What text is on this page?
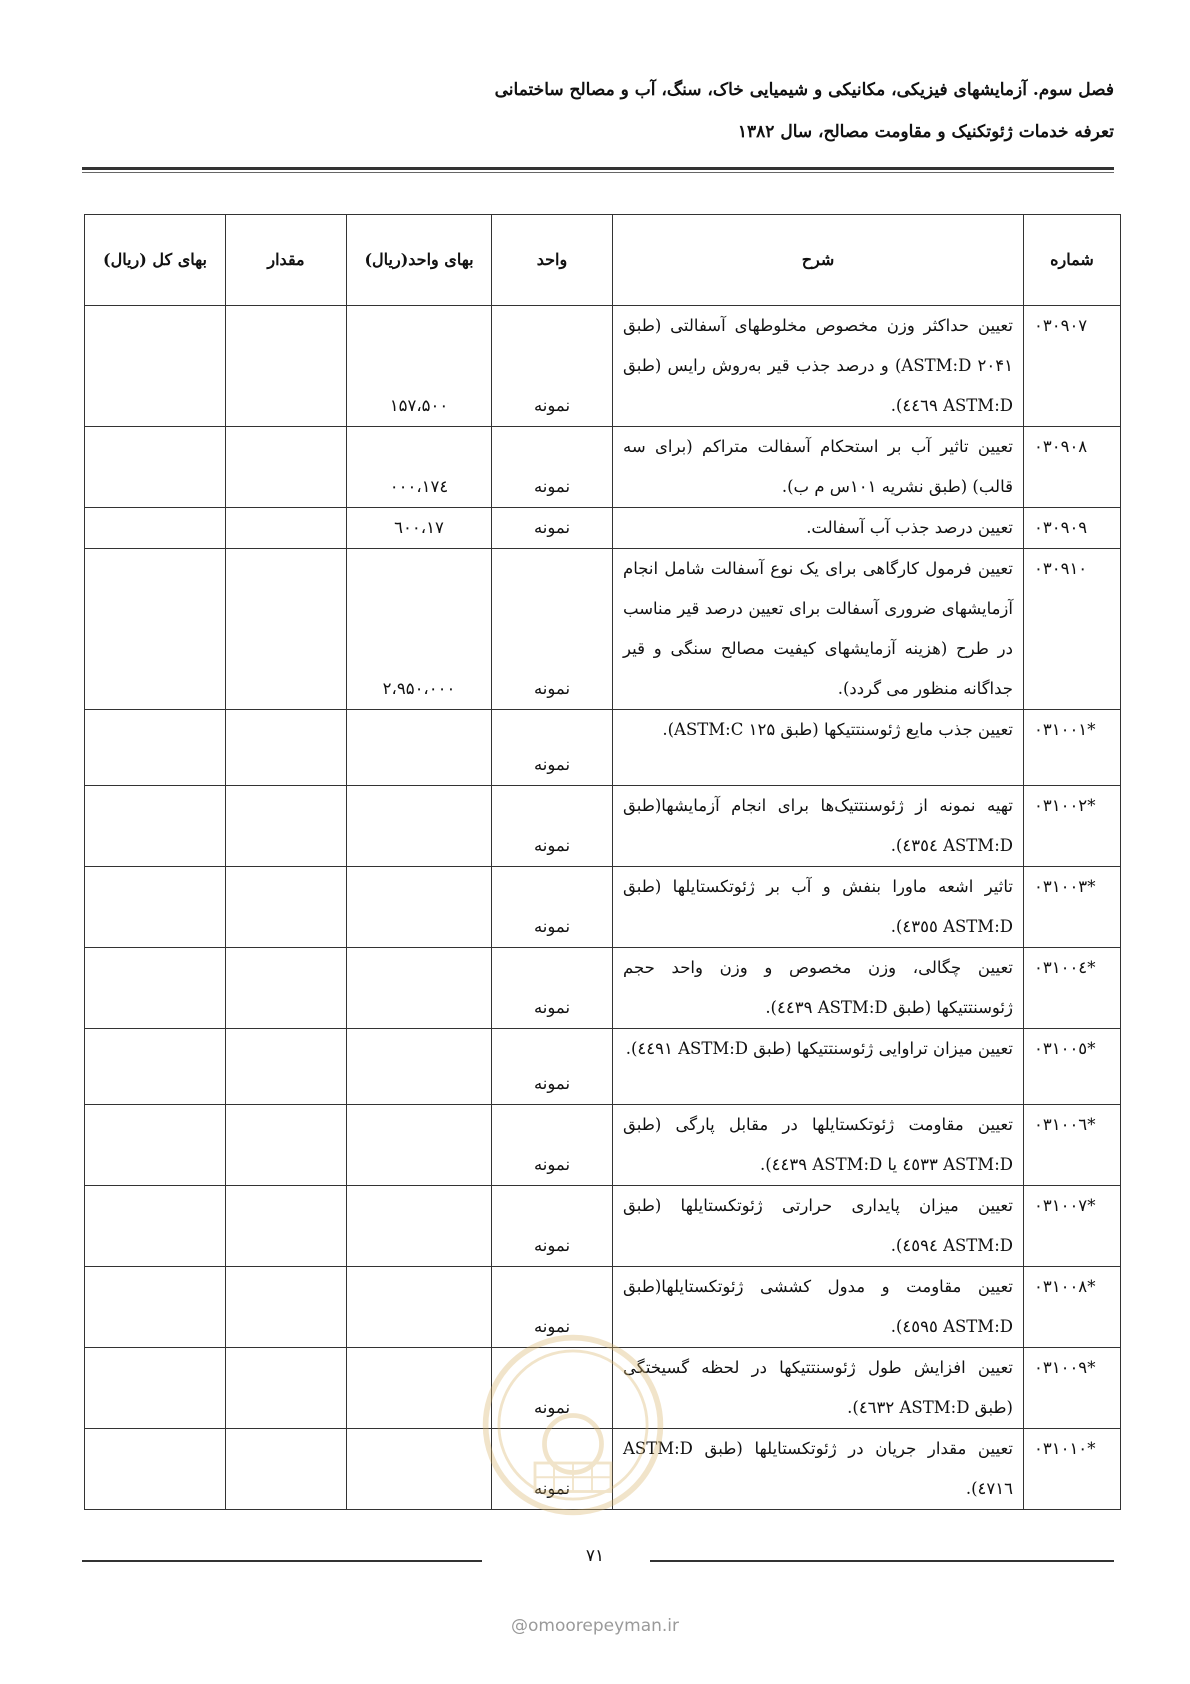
فصل سوم. آزمایشهای فیزیکی، مکانیکی و شیمیایی خاک، سنگ، آب و مصالح ساختمانی
تعرفه خدمات ژئوتکنیک و مقاومت مصالح، سال ۱۳۸۲
شماره	شرح	واحد	بهای واحد(ریال)	مقدار	بهای کل (ریال)
۰۳۰۹۰۷	تعیین حداکثر وزن مخصوص مخلوطهای آسفالتی (طبق ASTM:D ۲۰۴۱) و درصد جذب قیر به‌روش رایس (طبق ASTM:D ٤٤٦٩).	نمونه	۱۵۷،۵۰۰		
۰۳۰۹۰۸	تعیین تاثیر آب بر استحکام آسفالت متراکم (برای سه قالب) (طبق نشریه ۱۰۱س م ب).	نمونه	۱۷٤،۰۰۰		
۰۳۰۹۰۹	تعیین درصد جذب آب آسفالت.	نمونه	۱۷،٦۰۰		
۰۳۰۹۱۰	تعیین فرمول کارگاهی برای یک نوع آسفالت شامل انجام آزمایشهای ضروری آسفالت برای تعیین درصد قیر مناسب در طرح (هزینه آزمایشهای کیفیت مصالح سنگی و قیر جداگانه منظور می گردد).	نمونه	۲،۹۵۰،۰۰۰		
*۰۳۱۰۰۱	تعیین جذب مایع ژئوسنتتیکها (طبق ASTM:C ۱۲۵).	نمونه			
*۰۳۱۰۰۲	تهیه نمونه از ژئوسنتتیک‌ها برای انجام آزمایشها(طبق ASTM:D ٤۳٥٤).	نمونه			
*۰۳۱۰۰۳	تاثیر اشعه ماورا بنفش و آب بر ژئوتکستایلها (طبق ASTM:D ٤۳٥٥).	نمونه			
*۰۳۱۰۰٤	تعیین چگالی، وزن مخصوص و وزن واحد حجم ژئوسنتتیکها (طبق ASTM:D ٤٤۳۹).	نمونه			
*۰۳۱۰۰٥	تعیین میزان تراوایی ژئوسنتتیکها (طبق ASTM:D ٤٤۹۱).	نمونه			
*۰۳۱۰۰٦	تعیین مقاومت ژئوتکستایلها در مقابل پارگی (طبق ASTM:D ٤٥۳۳ یا ASTM:D ٤٤۳۹).	نمونه			
*۰۳۱۰۰۷	تعیین میزان پایداری حرارتی ژئوتکستایلها (طبق ASTM:D ٤٥۹٤).	نمونه			
*۰۳۱۰۰۸	تعیین مقاومت و مدول کششی ژئوتکستایلها(طبق ASTM:D ٤٥۹٥).	نمونه			
*۰۳۱۰۰۹	تعیین افزایش طول ژئوسنتتیکها در لحظه گسیختگی (طبق ASTM:D ٤٦۳۲).	نمونه			
*۰۳۱۰۱۰	تعیین مقدار جریان در ژئوتکستایلها (طبق ASTM:D ٤۷۱٦).	نمونه			
۷۱
@omoorepeyman.ir
